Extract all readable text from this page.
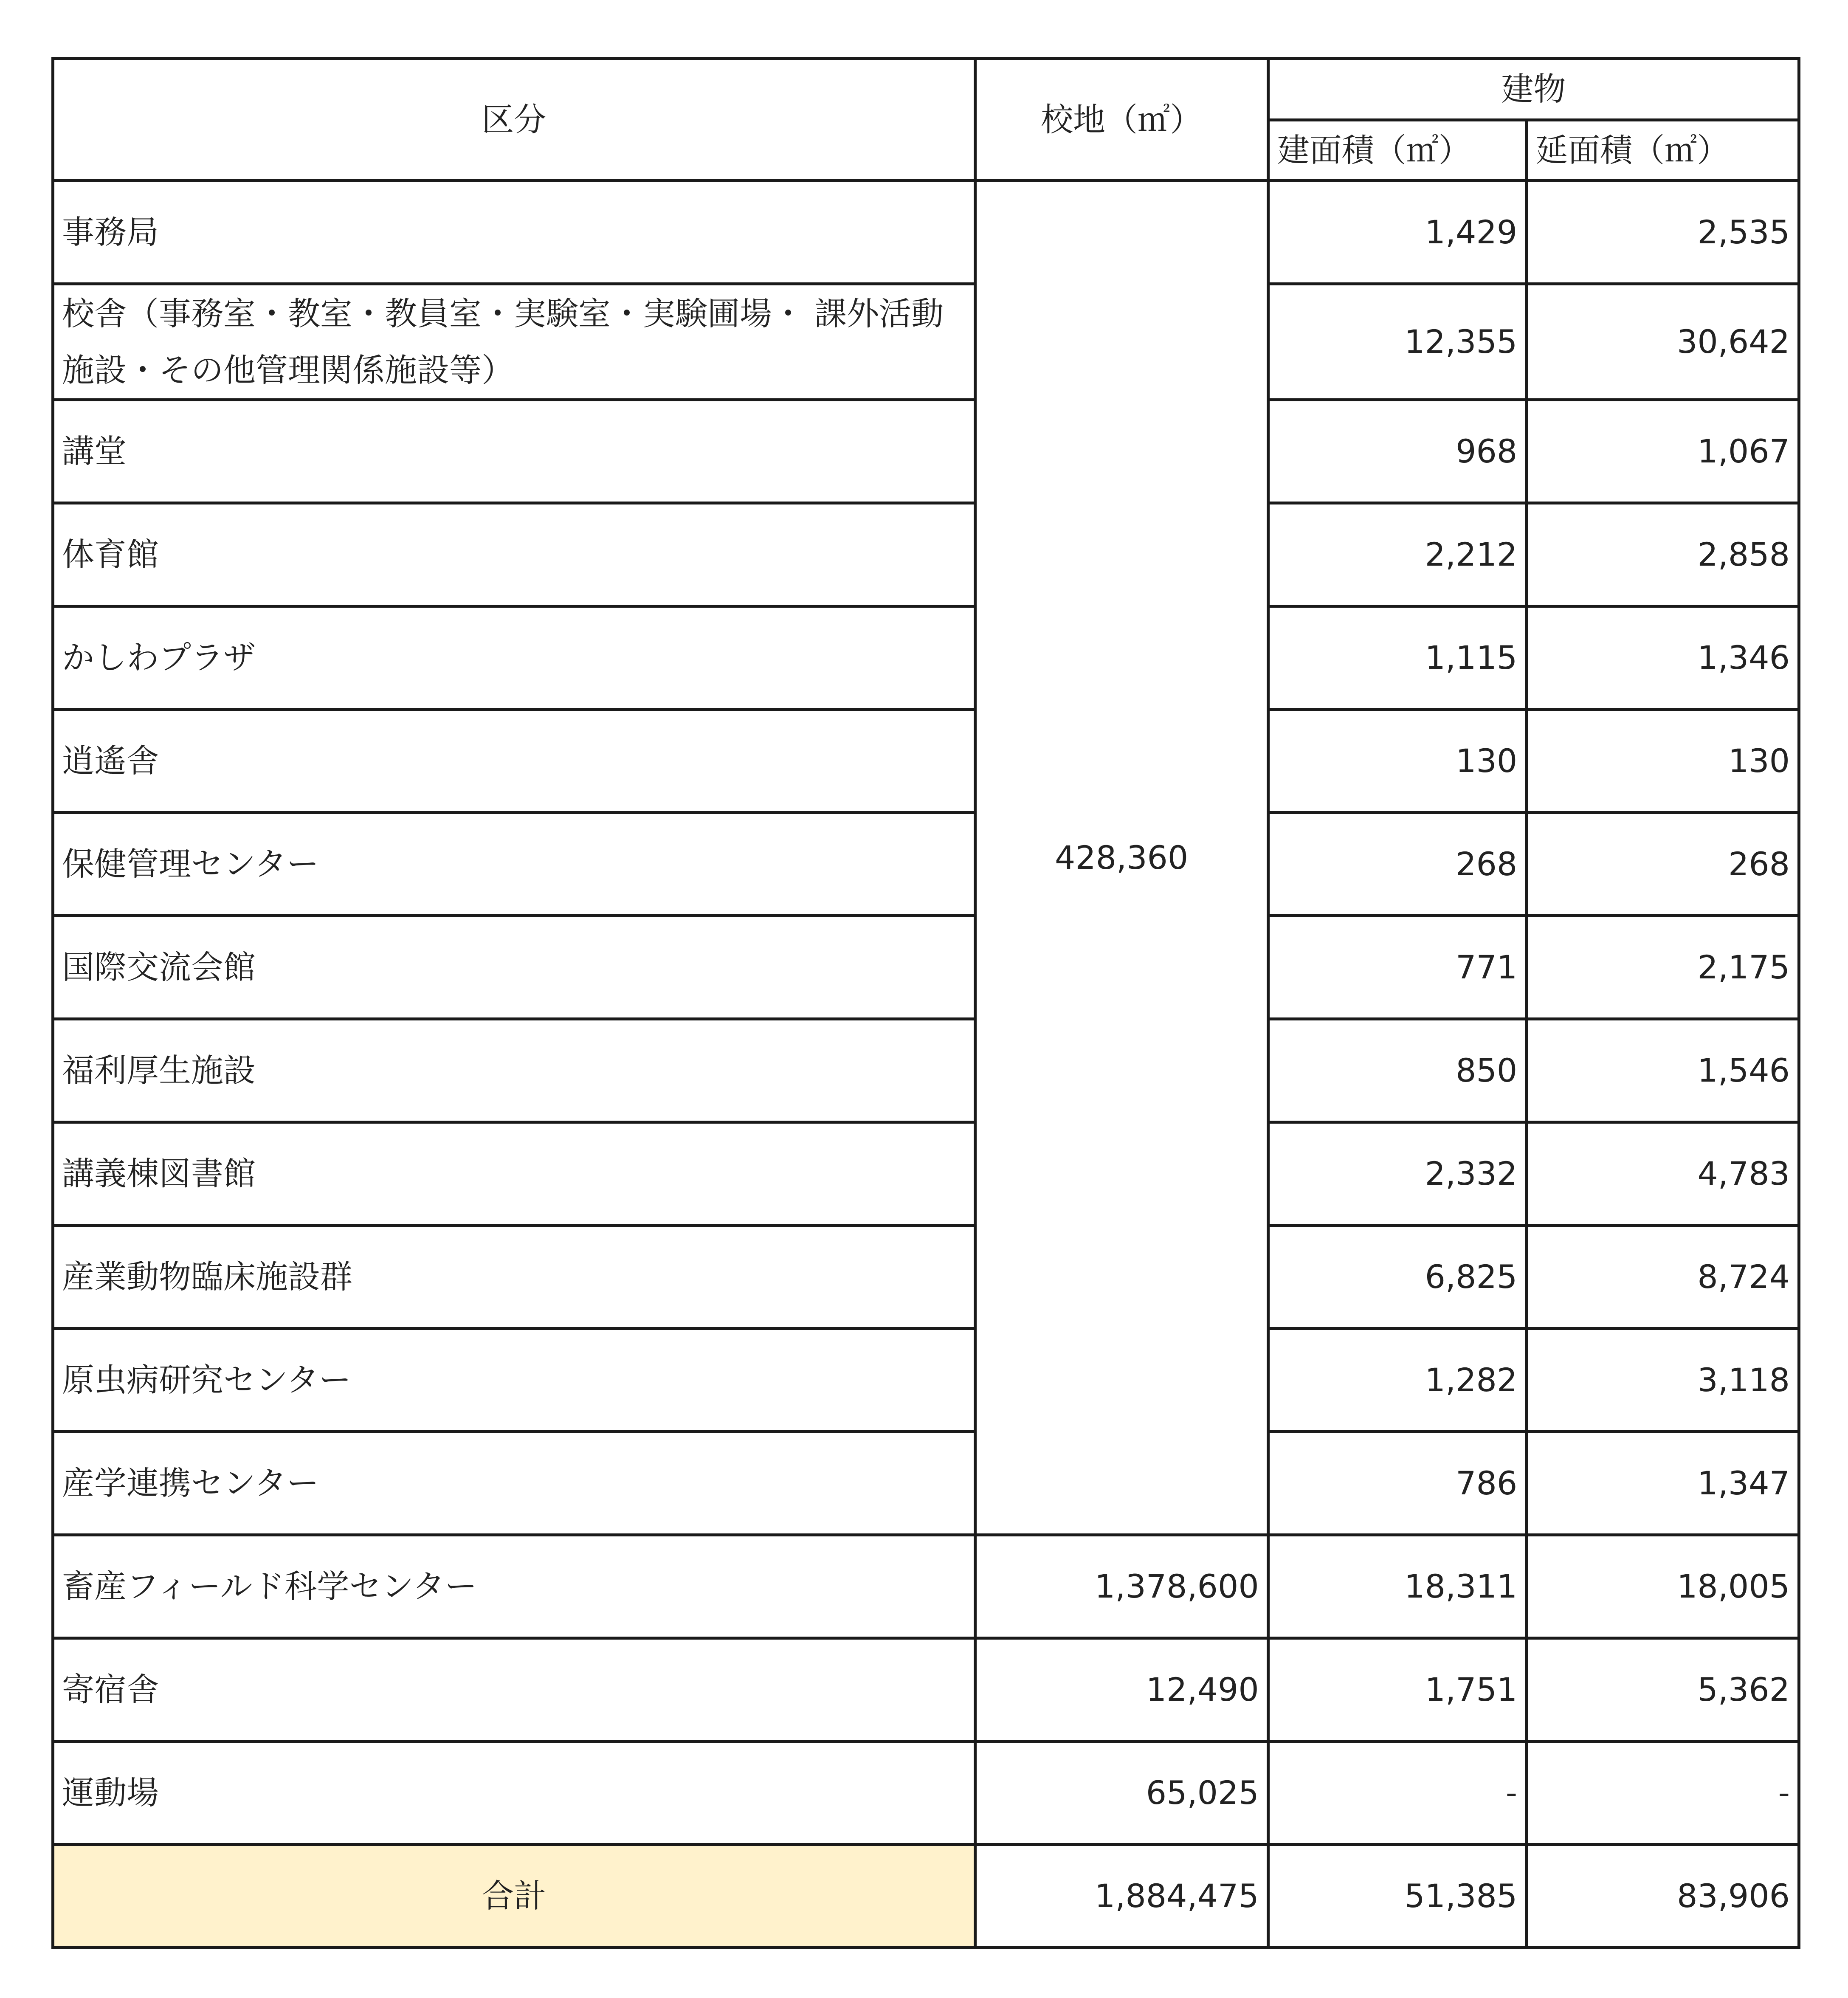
区分	校地（㎡）	建物	
		建面積（㎡）	延面積（㎡）
事務局	428,360	1,429	2,535
校舎（事務室・教室・教員室・実験室・実験圃場・ 課外活動施設・その他管理関係施設等）		12,355	30,642
講堂		968	1,067
体育館		2,212	2,858
かしわプラザ		1,115	1,346
逍遙舎		130	130
保健管理センター		268	268
国際交流会館		771	2,175
福利厚生施設		850	1,546
講義棟図書館		2,332	4,783
産業動物臨床施設群		6,825	8,724
原虫病研究センター		1,282	3,118
産学連携センター		786	1,347
畜産フィールド科学センター	1,378,600	18,311	18,005
寄宿舎	12,490	1,751	5,362
運動場	65,025	-	-
合計	1,884,475	51,385	83,906
